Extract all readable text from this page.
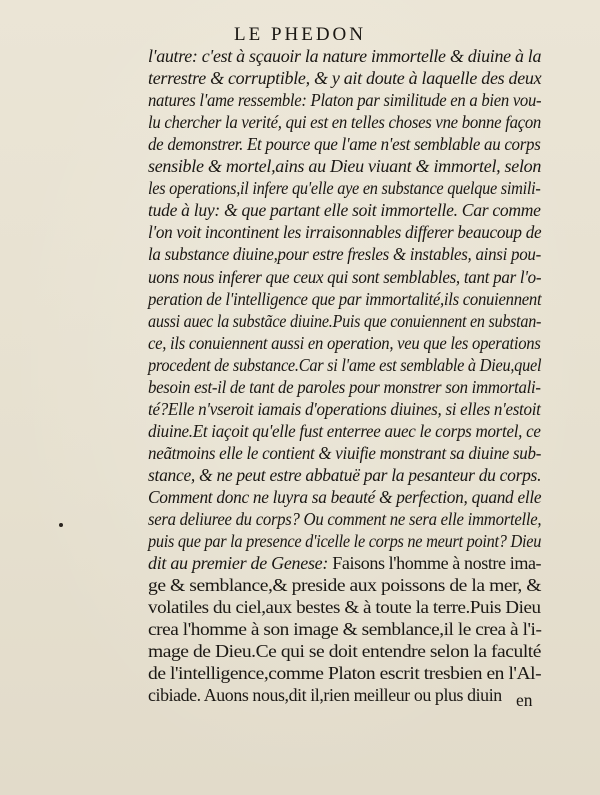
LE PHEDON
l'autre: c'est à sçauoir la nature immortelle & diuine à la
terrestre & corruptible, & y ait doute à laquelle des deux
natures l'ame ressemble: Platon par similitude en a bien vou-
lu chercher la verité, qui est en telles choses vne bonne façon
de demonstrer. Et pource que l'ame n'est semblable au corps
sensible & mortel,ains au Dieu viuant & immortel, selon
les operations,il infere qu'elle aye en substance quelque simili-
tude à luy: & que partant elle soit immortelle. Car comme
l'on voit incontinent les irraisonnables differer beaucoup de
la substance diuine,pour estre fresles & instables, ainsi pou-
uons nous inferer que ceux qui sont semblables, tant par l'o-
peration de l'intelligence que par immortalité,ils conuiennent
aussi auec la substãce diuine.Puis que conuiennent en substan-
ce, ils conuiennent aussi en operation, veu que les operations
procedent de substance.Car si l'ame est semblable à Dieu,quel
besoin est-il de tant de paroles pour monstrer son immortali-
té?Elle n'vseroit iamais d'operations diuines, si elles n'estoit
diuine.Et iaçoit qu'elle fust enterree auec le corps mortel, ce
neãtmoins elle le contient & viuifie monstrant sa diuine sub-
stance, & ne peut estre abbatuë par la pesanteur du corps.
Comment donc ne luyra sa beauté & perfection, quand elle
sera deliuree du corps? Ou comment ne sera elle immortelle,
puis que par la presence d'icelle le corps ne meurt point? Dieu
dit au premier de Genese: Faisons l'homme à nostre ima-
ge & semblance,& preside aux poissons de la mer, &
volatiles du ciel,aux bestes & à toute la terre.Puis Dieu
crea l'homme à son image & semblance,il le crea à l'i-
mage de Dieu.Ce qui se doit entendre selon la faculté
de l'intelligence,comme Platon escrit tresbien en l'Al-
cibiade. Auons nous,dit il,rien meilleur ou plus diuin en
